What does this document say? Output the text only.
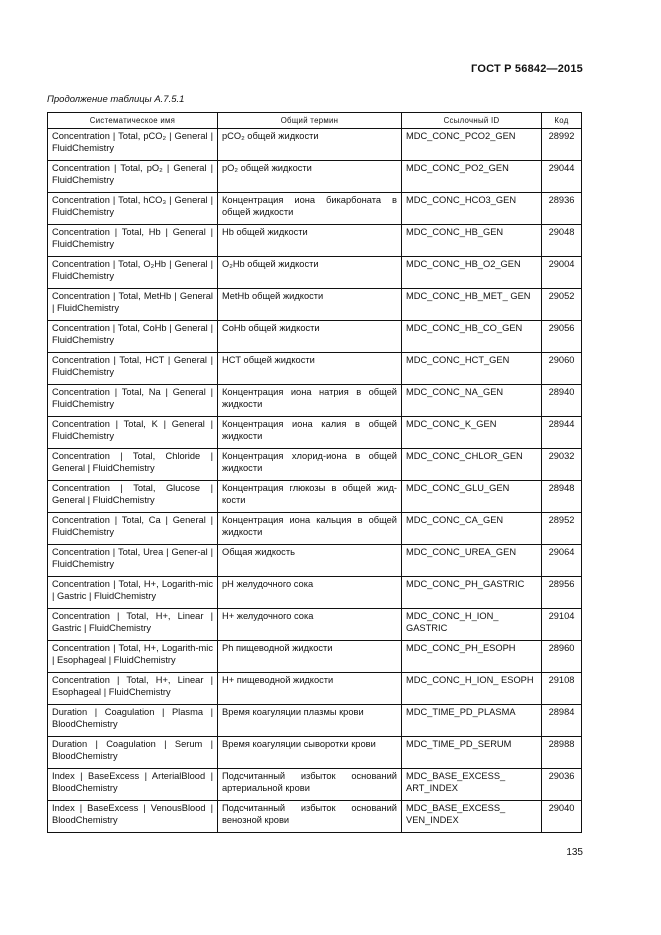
ГОСТ Р 56842—2015
Продолжение таблицы А.7.5.1
Систематическое имя	Общий термин	Ссылочный ID	Код
Concentration | Total, pCO₂ | General | FluidChemistry	pCO₂ общей жидкости	MDC_CONC_PCO2_GEN	28992
Concentration | Total, pO₂ | General | FluidChemistry	pO₂ общей жидкости	MDC_CONC_PO2_GEN	29044
Concentration | Total, hCO₃ | General | FluidChemistry	Концентрация иона бикарбоната в общей жидкости	MDC_CONC_HCO3_GEN	28936
Concentration | Total, Hb | General | FluidChemistry	Hb общей жидкости	MDC_CONC_HB_GEN	29048
Concentration | Total, O₂Hb | General | FluidChemistry	O₂Hb общей жидкости	MDC_CONC_HB_O2_GEN	29004
Concentration | Total, MetHb | General | FluidChemistry	MetHb общей жидкости	MDC_CONC_HB_MET_ GEN	29052
Concentration | Total, CoHb | General | FluidChemistry	CoHb общей жидкости	MDC_CONC_HB_CO_GEN	29056
Concentration | Total, HCT | General | FluidChemistry	HCT общей жидкости	MDC_CONC_HCT_GEN	29060
Concentration | Total, Na | General | FluidChemistry	Концентрация иона натрия в общей жидкости	MDC_CONC_NA_GEN	28940
Concentration | Total, K | General | FluidChemistry	Концентрация иона калия в общей жидкости	MDC_CONC_K_GEN	28944
Concentration | Total, Chloride | General | FluidChemistry	Концентрация хлорид-иона в общей жидкости	MDC_CONC_CHLOR_GEN	29032
Concentration | Total, Glucose | General | FluidChemistry	Концентрация глюкозы в общей жид-кости	MDC_CONC_GLU_GEN	28948
Concentration | Total, Ca | General | FluidChemistry	Концентрация иона кальция в общей жидкости	MDC_CONC_CA_GEN	28952
Concentration | Total, Urea | Gener-al | FluidChemistry	Общая жидкость	MDC_CONC_UREA_GEN	29064
Concentration | Total, H+, Logarith-mic | Gastric | FluidChemistry	pH желудочного сока	MDC_CONC_PH_GASTRIC	28956
Concentration | Total, H+, Linear | Gastric | FluidChemistry	H+ желудочного сока	MDC_CONC_H_ION_ GASTRIC	29104
Concentration | Total, H+, Logarith-mic | Esophageal | FluidChemistry	Ph пищеводной жидкости	MDC_CONC_PH_ESOPH	28960
Concentration | Total, H+, Linear | Esophageal | FluidChemistry	H+ пищеводной жидкости	MDC_CONC_H_ION_ ESOPH	29108
Duration | Coagulation | Plasma | BloodChemistry	Время коагуляции плазмы крови	MDC_TIME_PD_PLASMA	28984
Duration | Coagulation | Serum | BloodChemistry	Время коагуляции сыворотки крови	MDC_TIME_PD_SERUM	28988
Index | BaseExcess | ArterialBlood | BloodChemistry	Подсчитанный избыток оснований артериальной крови	MDC_BASE_EXCESS_ ART_INDEX	29036
Index | BaseExcess | VenousBlood | BloodChemistry	Подсчитанный избыток оснований венозной крови	MDC_BASE_EXCESS_ VEN_INDEX	29040
135
